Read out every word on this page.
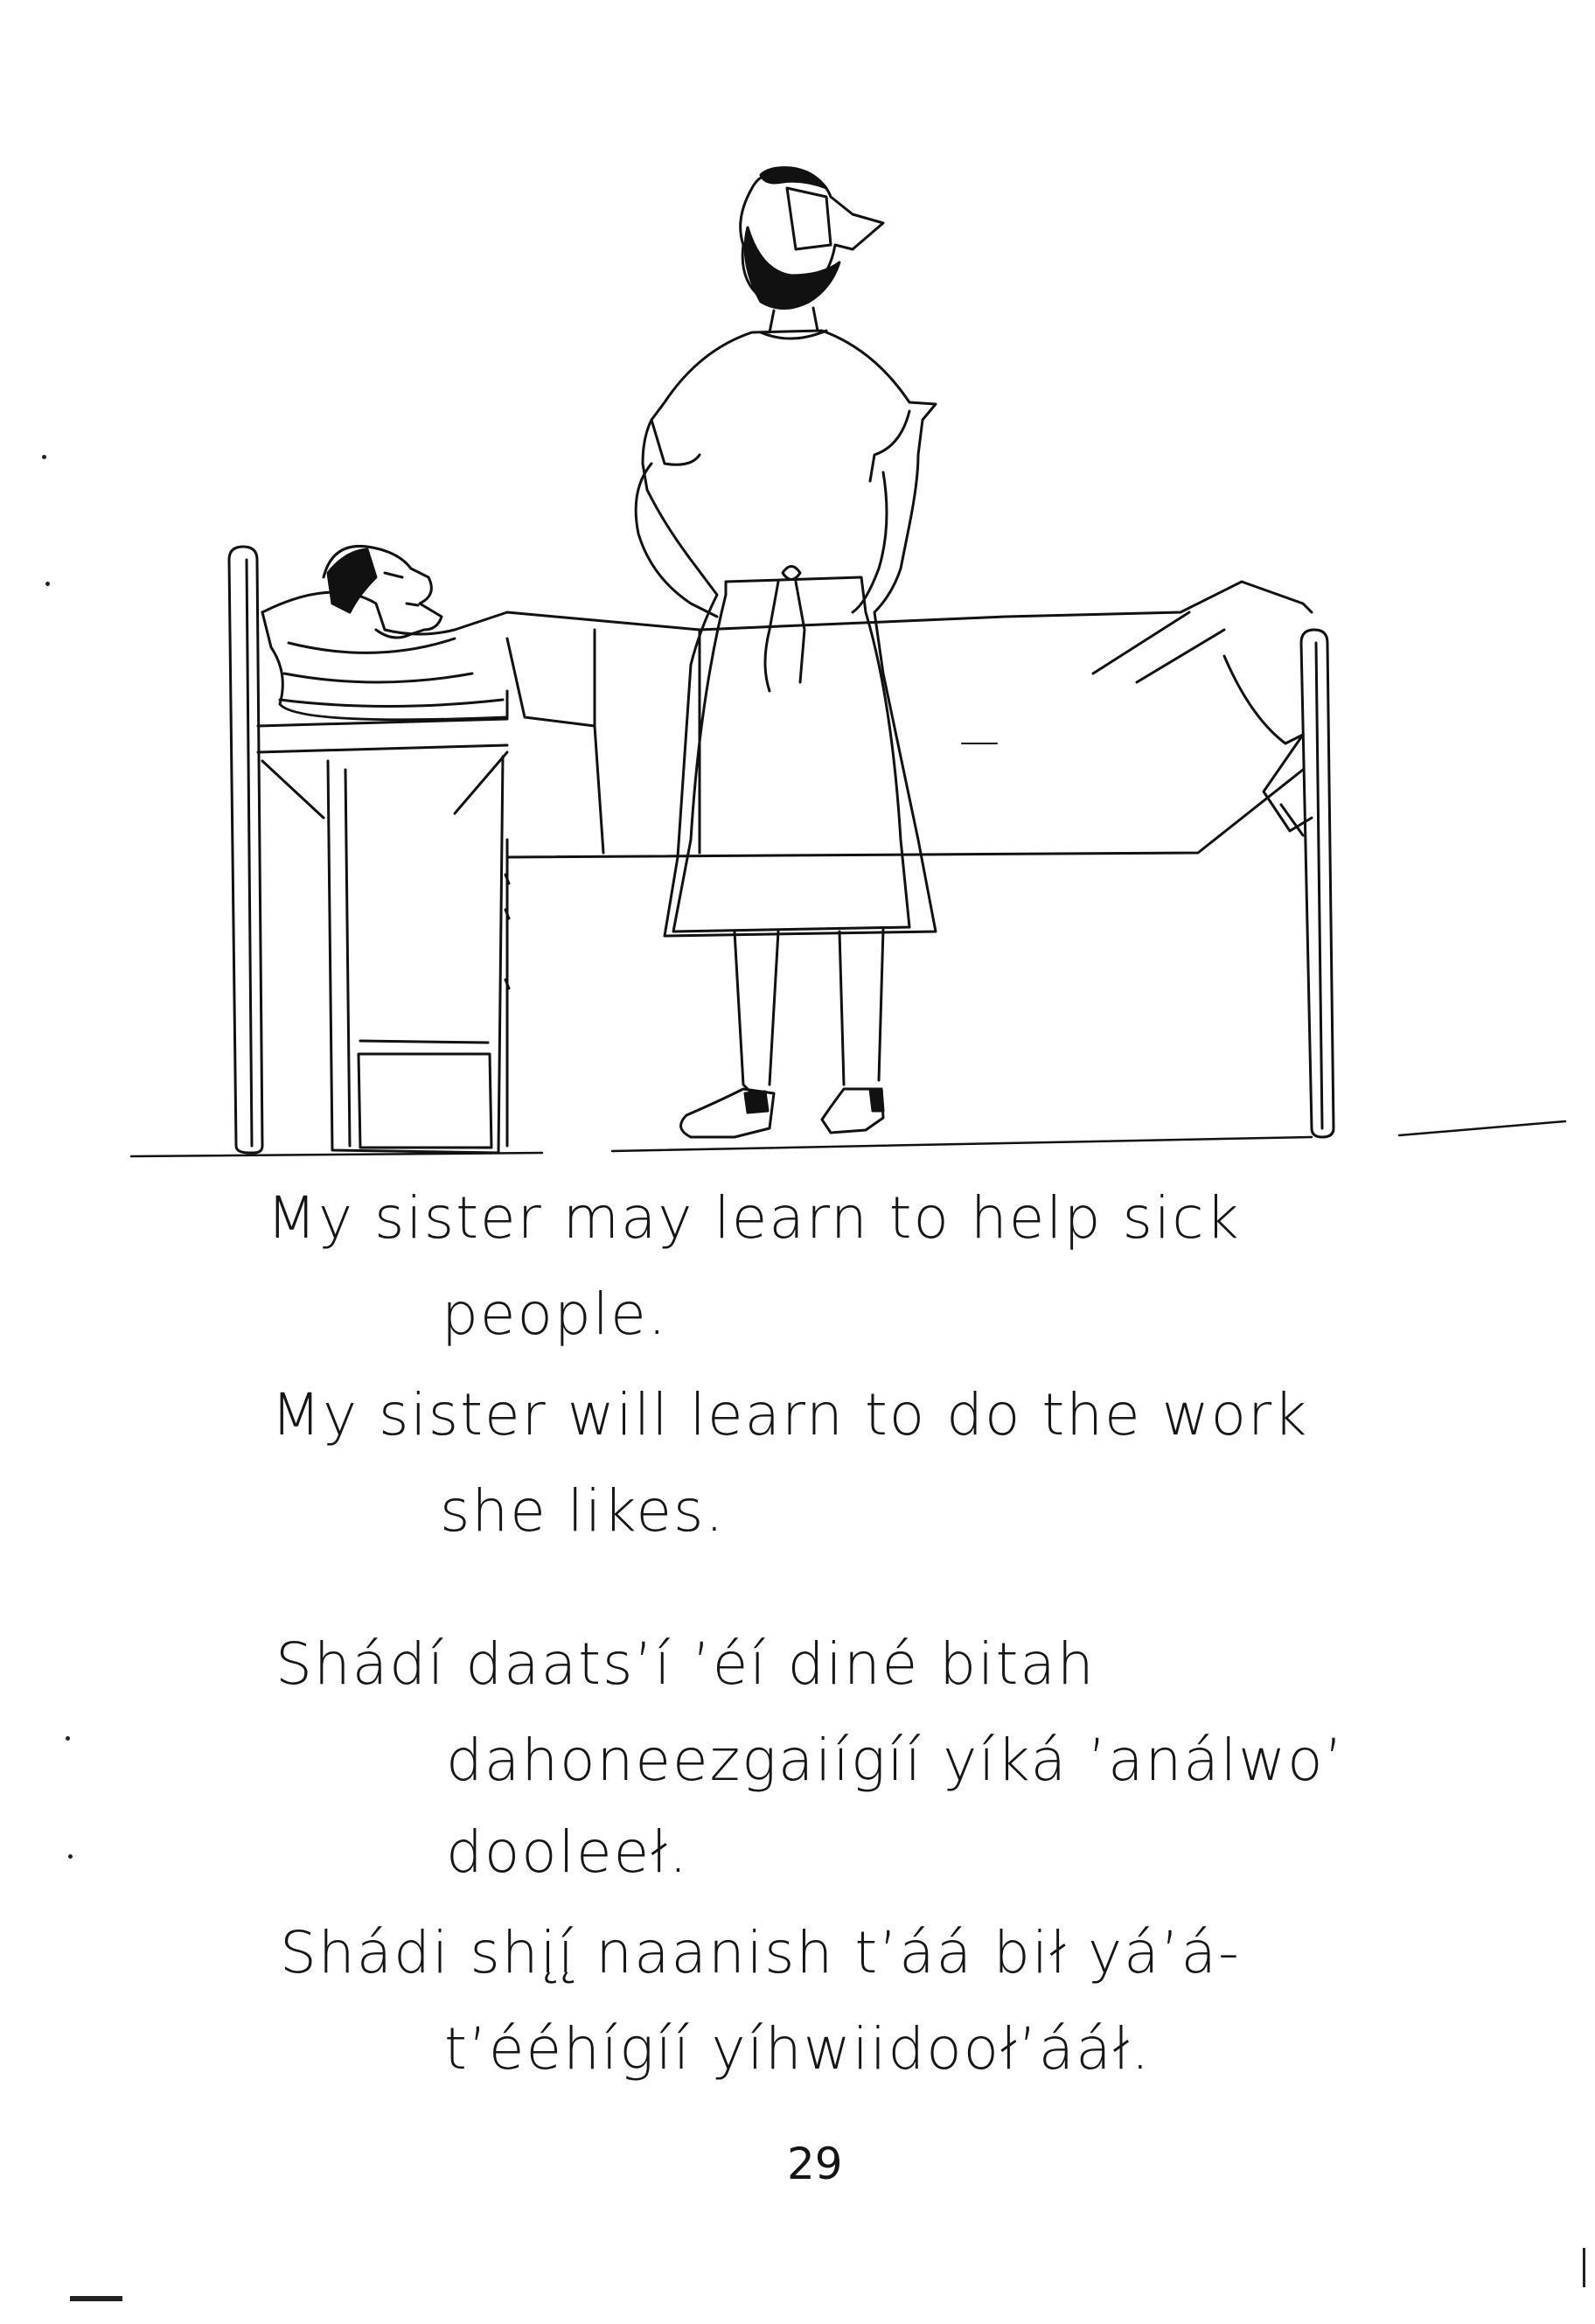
My sister may learn to help sick
people.
My sister will learn to do the work
she likes.
Shádí daats’í ’éí diné bitah
dahoneezgaiígíí yíká ’análwo’
dooleeł.
Shádi shįį́ naanish t’áá bił yá’á-
t’ééhígíí yíhwiidooł’ááł.
29
